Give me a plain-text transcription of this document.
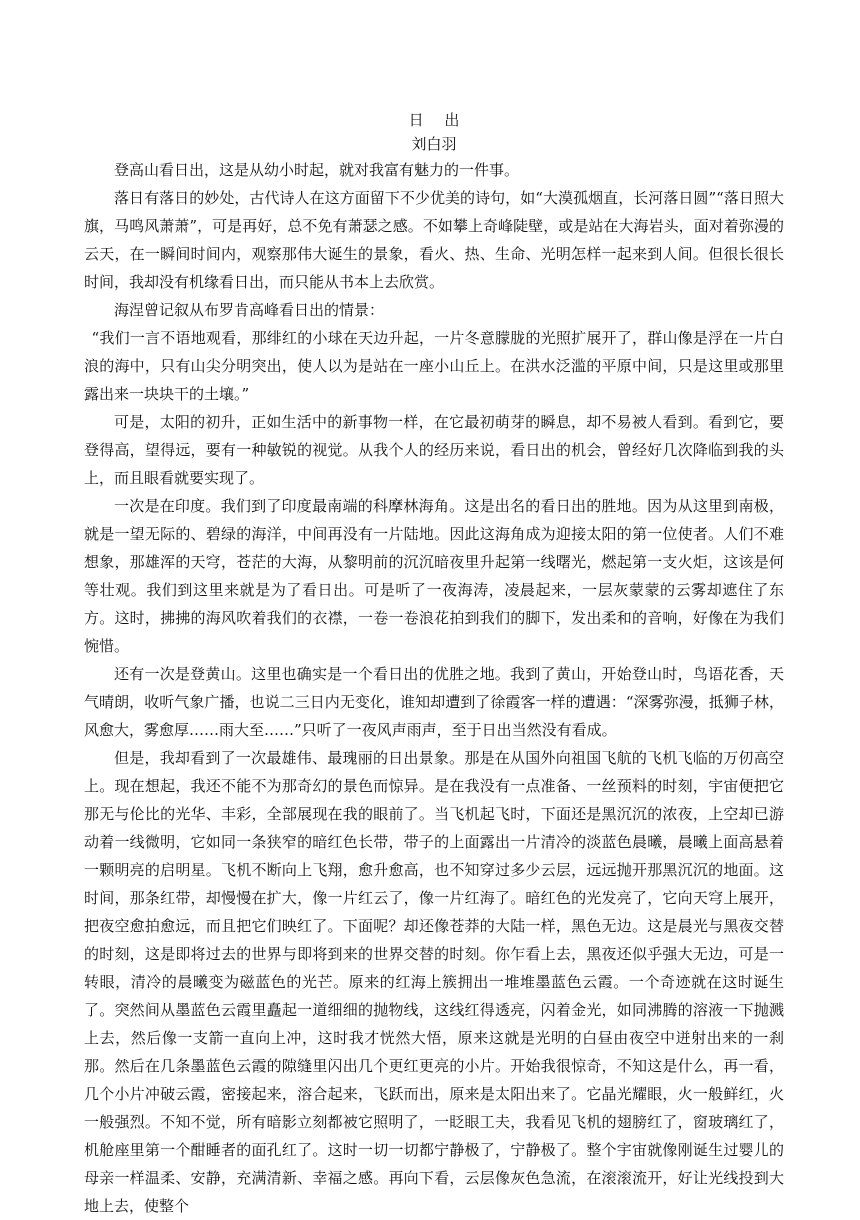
日 出
刘白羽

登高山看日出，这是从幼小时起，就对我富有魅力的一件事。

落日有落日的妙处，古代诗人在这方面留下不少优美的诗句，如“大漠孤烟直，长河落日圆”“落日照大旗，马鸣风萧萧”，可是再好，总不免有萧瑟之感。不如攀上奇峰陡壁，或是站在大海岩头，面对着弥漫的云天，在一瞬间时间内，观察那伟大诞生的景象，看火、热、生命、光明怎样一起来到人间。但很长很长时间，我却没有机缘看日出，而只能从书本上去欣赏。

海涅曾记叙从布罗肯高峰看日出的情景：

“我们一言不语地观看，那绯红的小球在天边升起，一片冬意朦胧的光照扩展开了，群山像是浮在一片白浪的海中，只有山尖分明突出，使人以为是站在一座小山丘上。在洪水泛滥的平原中间，只是这里或那里露出来一块块干的土壤。”

可是，太阳的初升，正如生活中的新事物一样，在它最初萌芽的瞬息，却不易被人看到。看到它，要登得高，望得远，要有一种敏锐的视觉。从我个人的经历来说，看日出的机会，曾经好几次降临到我的头上，而且眼看就要实现了。

一次是在印度。我们到了印度最南端的科摩林海角。这是出名的看日出的胜地。因为从这里到南极，就是一望无际的、碧绿的海洋，中间再没有一片陆地。因此这海角成为迎接太阳的第一位使者。人们不难想象，那雄浑的天穹，苍茫的大海，从黎明前的沉沉暗夜里升起第一线曙光，燃起第一支火炬，这该是何等壮观。我们到这里来就是为了看日出。可是听了一夜海涛，凌晨起来，一层灰蒙蒙的云雾却遮住了东方。这时，拂拂的海风吹着我们的衣襟，一卷一卷浪花拍到我们的脚下，发出柔和的音响，好像在为我们惋惜。

还有一次是登黄山。这里也确实是一个看日出的优胜之地。我到了黄山，开始登山时，鸟语花香，天气晴朗，收听气象广播，也说二三日内无变化，谁知却遭到了徐霞客一样的遭遇：“深雾弥漫，抵狮子林，风愈大，雾愈厚……雨大至……”只听了一夜风声雨声，至于日出当然没有看成。

但是，我却看到了一次最雄伟、最瑰丽的日出景象。那是在从国外向祖国飞航的飞机飞临的万仞高空上。现在想起，我还不能不为那奇幻的景色而惊异。是在我没有一点准备、一丝预料的时刻，宇宙便把它那无与伦比的光华、丰彩，全部展现在我的眼前了。当飞机起飞时，下面还是黑沉沉的浓夜，上空却已游动着一线微明，它如同一条狭窄的暗红色长带，带子的上面露出一片清冷的淡蓝色晨曦，晨曦上面高悬着一颗明亮的启明星。飞机不断向上飞翔，愈升愈高，也不知穿过多少云层，远远抛开那黑沉沉的地面。这时间，那条红带，却慢慢在扩大，像一片红云了，像一片红海了。暗红色的光发亮了，它向天穹上展开，把夜空愈拍愈远，而且把它们映红了。下面呢？却还像苍莽的大陆一样，黑色无边。这是晨光与黑夜交替的时刻，这是即将过去的世界与即将到来的世界交替的时刻。你乍看上去，黑夜还似乎强大无边，可是一转眼，清冷的晨曦变为磁蓝色的光芒。原来的红海上簇拥出一堆堆墨蓝色云霞。一个奇迹就在这时诞生了。突然间从墨蓝色云霞里矗起一道细细的抛物线，这线红得透亮，闪着金光，如同沸腾的溶液一下抛溅上去，然后像一支箭一直向上冲，这时我才恍然大悟，原来这就是光明的白昼由夜空中迸射出来的一刹那。然后在几条墨蓝色云霞的隙缝里闪出几个更红更亮的小片。开始我很惊奇，不知这是什么，再一看，几个小片冲破云霞，密接起来，溶合起来，飞跃而出，原来是太阳出来了。它晶光耀眼，火一般鲜红，火一般强烈。不知不觉，所有暗影立刻都被它照明了，一眨眼工夫，我看见飞机的翅膀红了，窗玻璃红了，机舱座里第一个酣睡者的面孔红了。这时一切一切都宁静极了，宁静极了。整个宇宙就像刚诞生过婴儿的母亲一样温柔、安静，充满清新、幸福之感。再向下看，云层像灰色急流，在滚滚流开，好让光线投到大地上去，使整个
